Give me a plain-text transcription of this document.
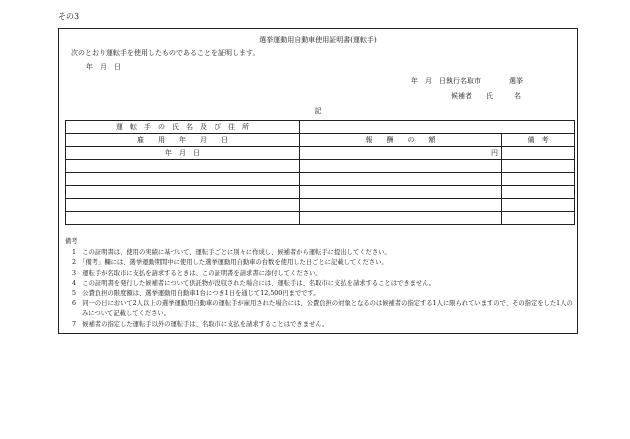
その3
選挙運動用自動車使用証明書(運転手)
次のとおり運転手を使用したものであることを証明します。
年　月　日
年　月　日執行名取市　　　　選挙
候補者　　氏　　　名
記
運　転　手　の　氏　名　及　び　住　所		
雇　　用　　年　　月　　日	報　　酬　　の　　額	備　考
年　月　日	円	

備考
1　この証明書は、使用の実績に基づいて、運転手ごとに別々に作成し、候補者から運転手に提出してください。
2　「備考」欄には、選挙運動期間中に使用した選挙運動用自動車の台数を使用した日ごとに記載してください。
3　運転手が名取市に支払を請求するときは、この証明書を請求書に添付してください。
4　この証明書を発行した候補者について供託物が没収された場合には、運転手は、名取市に支払を請求することはできません。
5　公費負担の限度額は、選挙運動用自動車1台につき1日を通じて12,500円までです。
6　同一の日において2人以上の選挙運動用自動車の運転手が雇用された場合には、公費負担の対象となるのは候補者の指定する1人に限られていますので、その指定をした1人のみについて記載してください。
7　候補者の指定した運転手以外の運転手は、名取市に支払を請求することはできません。
